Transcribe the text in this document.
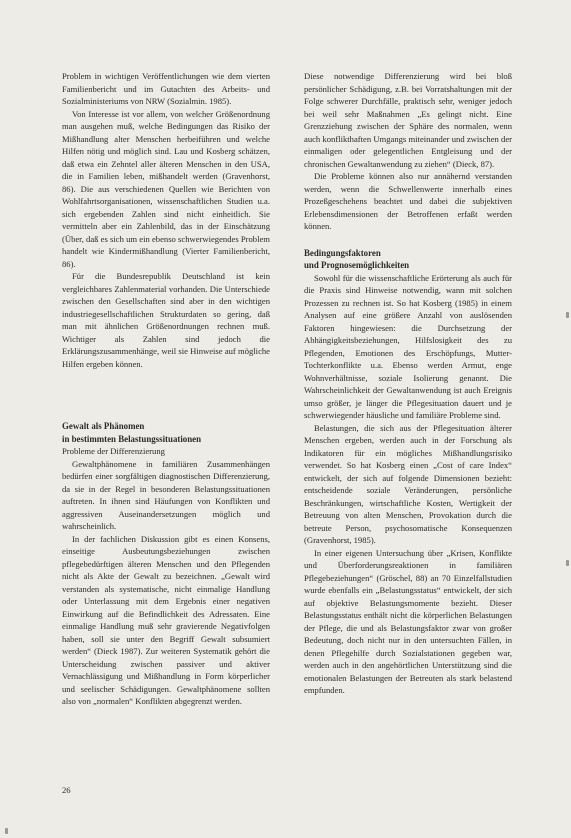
Problem in wichtigen Veröffentlichungen wie dem vierten Familienbericht und im Gutachten des Arbeits- und Sozialministeriums von NRW (Sozialmin. 1985).

Von Interesse ist vor allem, von welcher Größenordnung man ausgehen muß, welche Bedingungen das Risiko der Mißhandlung alter Menschen herbeiführen und welche Hilfen nötig und möglich sind. Lau und Kosberg schätzen, daß etwa ein Zehntel aller älteren Menschen in den USA, die in Familien leben, mißhandelt werden (Gravenhorst, 86). Die aus verschiedenen Quellen wie Berichten von Wohlfahrtsorganisationen, wissenschaftlichen Studien u.a. sich ergebenden Zahlen sind nicht einheitlich. Sie vermitteln aber ein Zahlenbild, das in der Einschätzung (Über, daß es sich um ein ebenso schwerwiegendes Problem handelt wie Kindermißhandlung (Vierter Familienbericht, 86).

Für die Bundesrepublik Deutschland ist kein vergleichbares Zahlenmaterial vorhanden. Die Unterschiede zwischen den Gesellschaften sind aber in den wichtigen industriegesellschaftlichen Strukturdaten so gering, daß man mit ähnlichen Größenordnungen rechnen muß. Wichtiger als Zahlen sind jedoch die Erklärungszusammenhänge, weil sie Hinweise auf mögliche Hilfen ergeben können.

Gewalt als Phänomen
in bestimmten Belastungssituationen

Probleme der Differenzierung

Gewaltphänomene in familiären Zusammenhängen bedürfen einer sorgfältigen diagnostischen Differenzierung, da sie in der Regel in besonderen Belastungssituationen auftreten. In ihnen sind Häufungen von Konflikten und aggressiven Auseinandersetzungen möglich und wahrscheinlich.

In der fachlichen Diskussion gibt es einen Konsens, einseitige Ausbeutungsbeziehungen zwischen pflegebedürftigen älteren Menschen und den Pflegenden nicht als Akte der Gewalt zu bezeichnen. „Gewalt wird verstanden als systematische, nicht einmalige Handlung oder Unterlassung mit dem Ergebnis einer negativen Einwirkung auf die Befindlichkeit des Adressaten. Eine einmalige Handlung muß sehr gravierende Negativfolgen haben, soll sie unter den Begriff Gewalt subsumiert werden“ (Dieck 1987). Zur weiteren Systematik gehört die Unterscheidung zwischen passiver und aktiver Vernachlässigung und Mißhandlung in Form körperlicher und seelischer Schädigungen. Gewaltphänomene sollten also von „normalen“ Konflikten abgegrenzt werden.

Diese notwendige Differenzierung wird bei bloß persönlicher Schädigung, z.B. bei Vorratshaltungen mit der Folge schwerer Durchfälle, praktisch sehr, weniger jedoch bei weil sehr Maßnahmen „Es gelingt nicht. Eine Grenzziehung zwischen der Sphäre des normalen, wenn auch konflikthaften Umgangs miteinander und zwischen der einmaligen oder gelegentlichen Entgleisung und der chronischen Gewaltanwendung zu ziehen“ (Dieck, 87).

Die Probleme können also nur annähernd verstanden werden, wenn die Schwellenwerte innerhalb eines Prozeßgeschehens beachtet und dabei die subjektiven Erlebensdimensionen der Betroffenen erfaßt werden können.

Bedingungsfaktoren
und Prognosemöglichkeiten

Sowohl für die wissenschaftliche Erörterung als auch für die Praxis sind Hinweise notwendig, wann mit solchen Prozessen zu rechnen ist. So hat Kosberg (1985) in einem Analysen auf eine größere Anzahl von auslösenden Faktoren hingewiesen: die Durchsetzung der Abhängigkeitsbeziehungen, Hilfslosigkeit des zu Pflegenden, Emotionen des Erschöpfungs, Mutter-Tochterkonflikte u.a. Ebenso werden Armut, enge Wohnverhältnisse, soziale Isolierung genannt. Die Wahrscheinlichkeit der Gewaltanwendung ist auch Ereignis umso größer, je länger die Pflegesituation dauert und je schwerwiegender häusliche und familiäre Probleme sind.

Belastungen, die sich aus der Pflegesituation älterer Menschen ergeben, werden auch in der Forschung als Indikatoren für ein mögliches Mißhandlungsrisiko verwendet. So hat Kosberg einen „Cost of care Index“ entwickelt, der sich auf folgende Dimensionen bezieht: entscheidende soziale Veränderungen, persönliche Beschränkungen, wirtschaftliche Kosten, Wertigkeit der Betreuung von alten Menschen, Provokation durch die betreute Person, psychosomatische Konsequenzen (Gravenhorst, 1985).

In einer eigenen Untersuchung über „Krisen, Konflikte und Überforderungsreaktionen in familiären Pflegebeziehungen“ (Gröschel, 88) an 70 Einzelfallstudien wurde ebenfalls ein „Belastungsstatus“ entwickelt, der sich auf objektive Belastungsmomente bezieht. Dieser Belastungsstatus enthält nicht die körperlichen Belastungen der Pflege, die und als Belastungsfaktor zwar von großer Bedeutung, doch nicht nur in den untersuchten Fällen, in denen Pflegehilfe durch Sozialstationen gegeben war, werden auch in den angehörtlichen Unterstützung sind die emotionalen Belastungen der Betreuten als stark belastend empfunden.

26
